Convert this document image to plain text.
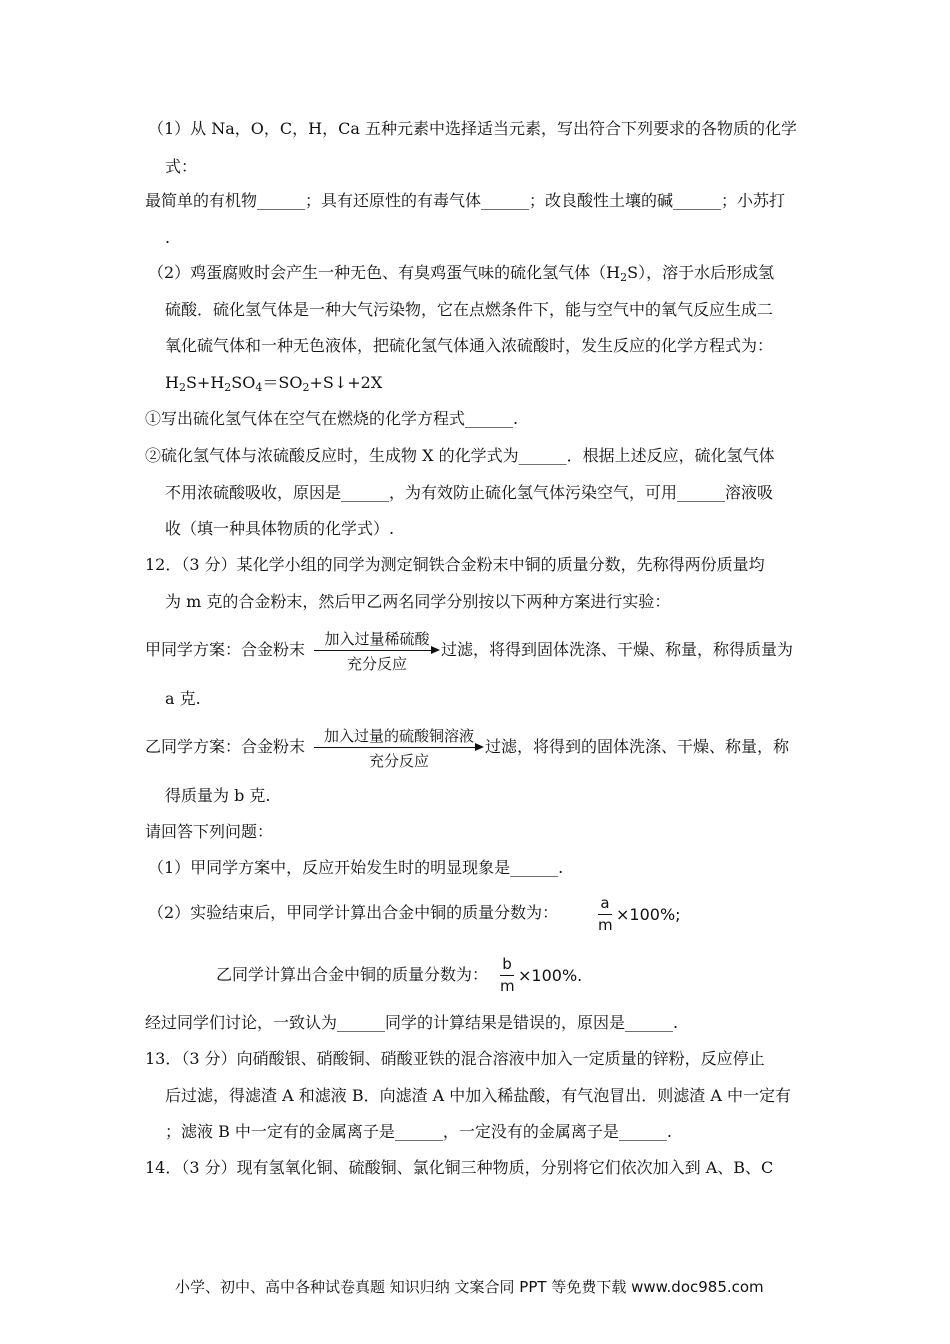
（1）从 Na，O，C，H，Ca 五种元素中选择适当元素，写出符合下列要求的各物质的化学
式：
最简单的有机物______；具有还原性的有毒气体______；改良酸性土壤的碱______；小苏打
.
（2）鸡蛋腐败时会产生一种无色、有臭鸡蛋气味的硫化氢气体$(H_2S)$，溶于水后形成氢
硫酸．硫化氢气体是一种大气污染物，它在点燃条件下，能与空气中的氧气反应生成二
氧化硫气体和一种无色液体，把硫化氢气体通入浓硫酸时，发生反应的化学方程式为：
$H_2S+H_2SO_4=SO_2+S↓+2X$
①写出硫化氢气体在空气在燃烧的化学方程式______.
②硫化氢气体与浓硫酸反应时，生成物 X 的化学式为______．根据上述反应，硫化氢气体
不用浓硫酸吸收，原因是______，为有效防止硫化氢气体污染空气，可用______溶液吸
收（填一种具体物质的化学式）.
12．（3 分）某化学小组的同学为测定铜铁合金粉末中铜的质量分数，先称得两份质量均
为 m 克的合金粉末，然后甲乙两名同学分别按以下两种方案进行实验：
甲同学方案：合金粉末
加入过量稀硫酸
充分反应
过滤，将得到固体洗涤、干燥、称量，称得质量为
a 克.
乙同学方案：合金粉末
加入过量的硫酸铜溶液
充分反应
过滤，将得到的固体洗涤、干燥、称量，称
得质量为 b 克.
请回答下列问题：
（1）甲同学方案中，反应开始发生时的明显现象是______.
（2）实验结束后，甲同学计算出合金中铜的质量分数为：	a
m
×100%;
乙同学计算出合金中铜的质量分数为：
b
m
×100%.
经过同学们讨论，一致认为______同学的计算结果是错误的，原因是______.
13．（3 分）向硝酸银、硝酸铜、硝酸亚铁的混合溶液中加入一定质量的锌粉，反应停止
后过滤，得滤渣 A 和滤液 B．向滤渣 A 中加入稀盐酸，有气泡冒出．则滤渣 A 中一定有
；滤液 B 中一定有的金属离子是______，一定没有的金属离子是______.
14．（3 分）现有氢氧化铜、硫酸铜、氯化铜三种物质，分别将它们依次加入到 A、B、C
小学、初中、高中各种试卷真题 知识归纳 文案合同 PPT 等免费下载 www.doc985.com
